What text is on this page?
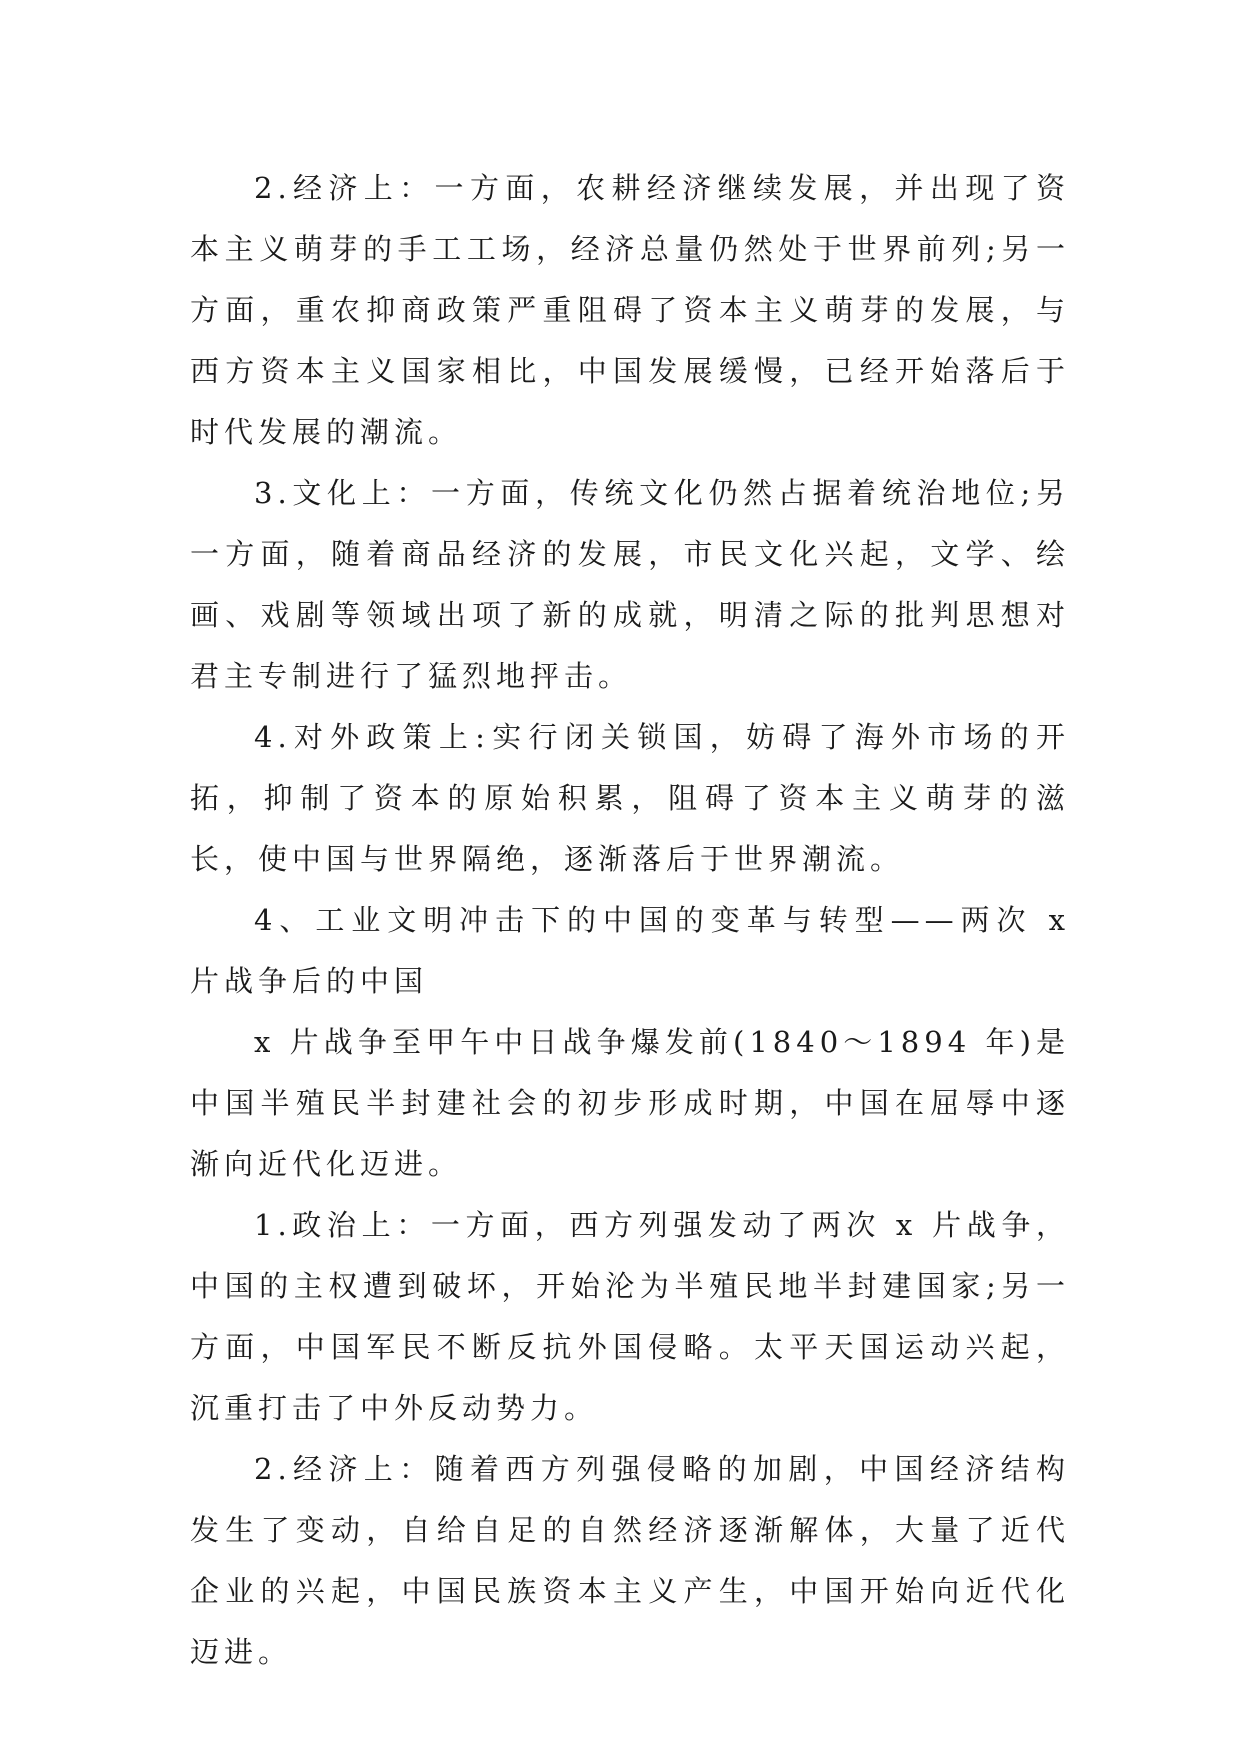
2.经济上：一方面，农耕经济继续发展，并出现了资本主义萌芽的手工工场，经济总量仍然处于世界前列;另一方面，重农抑商政策严重阻碍了资本主义萌芽的发展，与西方资本主义国家相比，中国发展缓慢，已经开始落后于时代发展的潮流。

3.文化上：一方面，传统文化仍然占据着统治地位;另一方面，随着商品经济的发展，市民文化兴起，文学、绘画、戏剧等领域出项了新的成就，明清之际的批判思想对君主专制进行了猛烈地抨击。

4.对外政策上:实行闭关锁国，妨碍了海外市场的开拓，抑制了资本的原始积累，阻碍了资本主义萌芽的滋长，使中国与世界隔绝，逐渐落后于世界潮流。

4、工业文明冲击下的中国的变革与转型——两次 x 片战争后的中国

x 片战争至甲午中日战争爆发前(1840～1894 年)是中国半殖民半封建社会的初步形成时期，中国在屈辱中逐渐向近代化迈进。

1.政治上：一方面，西方列强发动了两次 x 片战争，中国的主权遭到破坏，开始沦为半殖民地半封建国家;另一方面，中国军民不断反抗外国侵略。太平天国运动兴起，沉重打击了中外反动势力。

2.经济上：随着西方列强侵略的加剧，中国经济结构发生了变动，自给自足的自然经济逐渐解体，大量了近代企业的兴起，中国民族资本主义产生，中国开始向近代化迈进。
